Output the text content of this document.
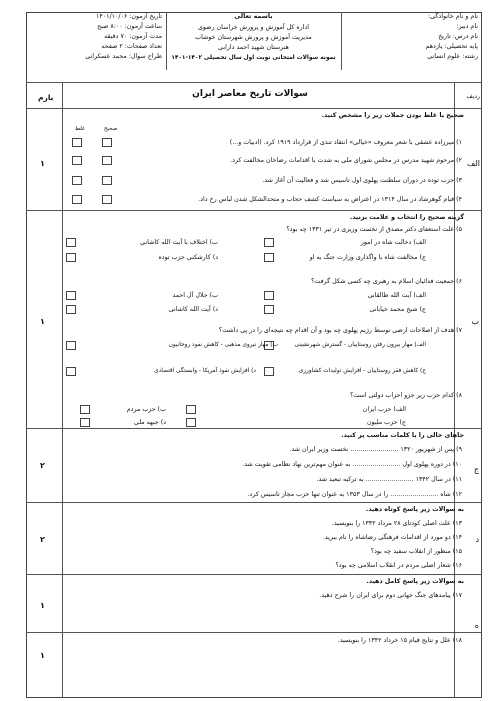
نام و نام خانوادگی:
نام دبیر:
نام درس: تاریخ
پایه تحصیلی: یازدهم
رشته: علوم انسانی
باسمه تعالی
اداره کل آموزش و پرورش خراسان رضوی
مدیریت آموزش و پرورش شهرستان خوشاب
هنرستان شهید احمد دارابی
نمونه سوالات امتحانی نوبت اول سال تحصیلی ۱۴۰۲-۱۴۰۱
تاریخ آزمون: ۱۴۰۱/۱۰/۰۶
ساعت آزمون: ۸:۰۰ صبح
مدت آزمون: ۷۰ دقیقه
تعداد صفحات: ۲ صفحه
طراح سوال: محمد عسکرانی
ردیف
سوالات تاریخ معاصر ایران
بارم
الف
۱
صحیح یا غلط بودن جملات زیر را مشخص کنید.
صحیح
غلط
۱) میرزاده عشقی با شعر معروف «خیالی» انتقاد تندی از قرارداد ۱۹۱۹ کرد. (ادبیات و...)
۲) مرحوم شهید مدرس در مجلس شورای ملی به شدت با اقدامات رضاخان مخالفت کرد.
۳) حزب توده در دوران سلطنت پهلوی اول تاسیس شد و فعالیت آن آغاز شد.
۴) قیام گوهرشاد در سال ۱۳۱۴ در اعتراض به سیاست کشف حجاب و متحدالشکل شدن لباس رخ داد.
ب
۱
گزینه صحیح را انتخاب و علامت بزنید.
۵) علت استعفای دکتر مصدق از نخست وزیری در تیر ۱۳۳۱ چه بود؟
الف) دخالت شاه در امور
ب) اختلاف با آیت الله کاشانی
ج) مخالفت شاه با واگذاری وزارت جنگ به او
د) کارشکنی حزب توده
۶) جمعیت فدائیان اسلام به رهبری چه کسی شکل گرفت؟
الف) آیت الله طالقانی
ب) جلال آل احمد
ج) شیخ محمد خیابانی
د) آیت الله کاشانی
۷) هدف از اصلاحات ارضی توسط رژیم پهلوی چه بود و آن اقدام چه نتیجه‌ای را در پی داشت؟
الف) مهار بیرون رفتن روستاییان - گسترش شهرنشینی
ب) مهار نیروی مذهبی - کاهش نفوذ روحانیون
ج) کاهش فقر روستاییان - افزایش تولیدات کشاورزی
د) افزایش نفوذ آمریکا - وابستگی اقتصادی
۸) کدام حزب زیر جزو احزاب دولتی است؟
الف) حزب ایران
ب) حزب مردم
ج) حزب ملیون
د) جبهه ملی
ج
۲
جاهای خالی را با کلمات مناسب پر کنید.
۹) پس از شهریور ۱۳۲۰ ........................ نخست وزیر ایران شد.
۱۰) در دوره پهلوی اول ........................ به عنوان مهم‌ترین نهاد نظامی تقویت شد.
۱۱) در سال ۱۳۴۲ ........................ به ترکیه تبعید شد.
۱۲) شاه ........................ را در سال ۱۳۵۳ به عنوان تنها حزب مجاز تاسیس کرد.
د
۲
به سوالات زیر پاسخ کوتاه دهید.
۱۳) علت اصلی کودتای ۲۸ مرداد ۱۳۳۲ را بنویسید.
۱۴) دو مورد از اقدامات فرهنگی رضاشاه را نام ببرید.
۱۵) منظور از انقلاب سفید چه بود؟
۱۶) شعار اصلی مردم در انقلاب اسلامی چه بود؟
ه
۱
به سوالات زیر پاسخ کامل دهید.
۱۷) پیامدهای جنگ جهانی دوم برای ایران را شرح دهید.
۱
۱۸) علل و نتایج قیام ۱۵ خرداد ۱۳۴۲ را بنویسید.
